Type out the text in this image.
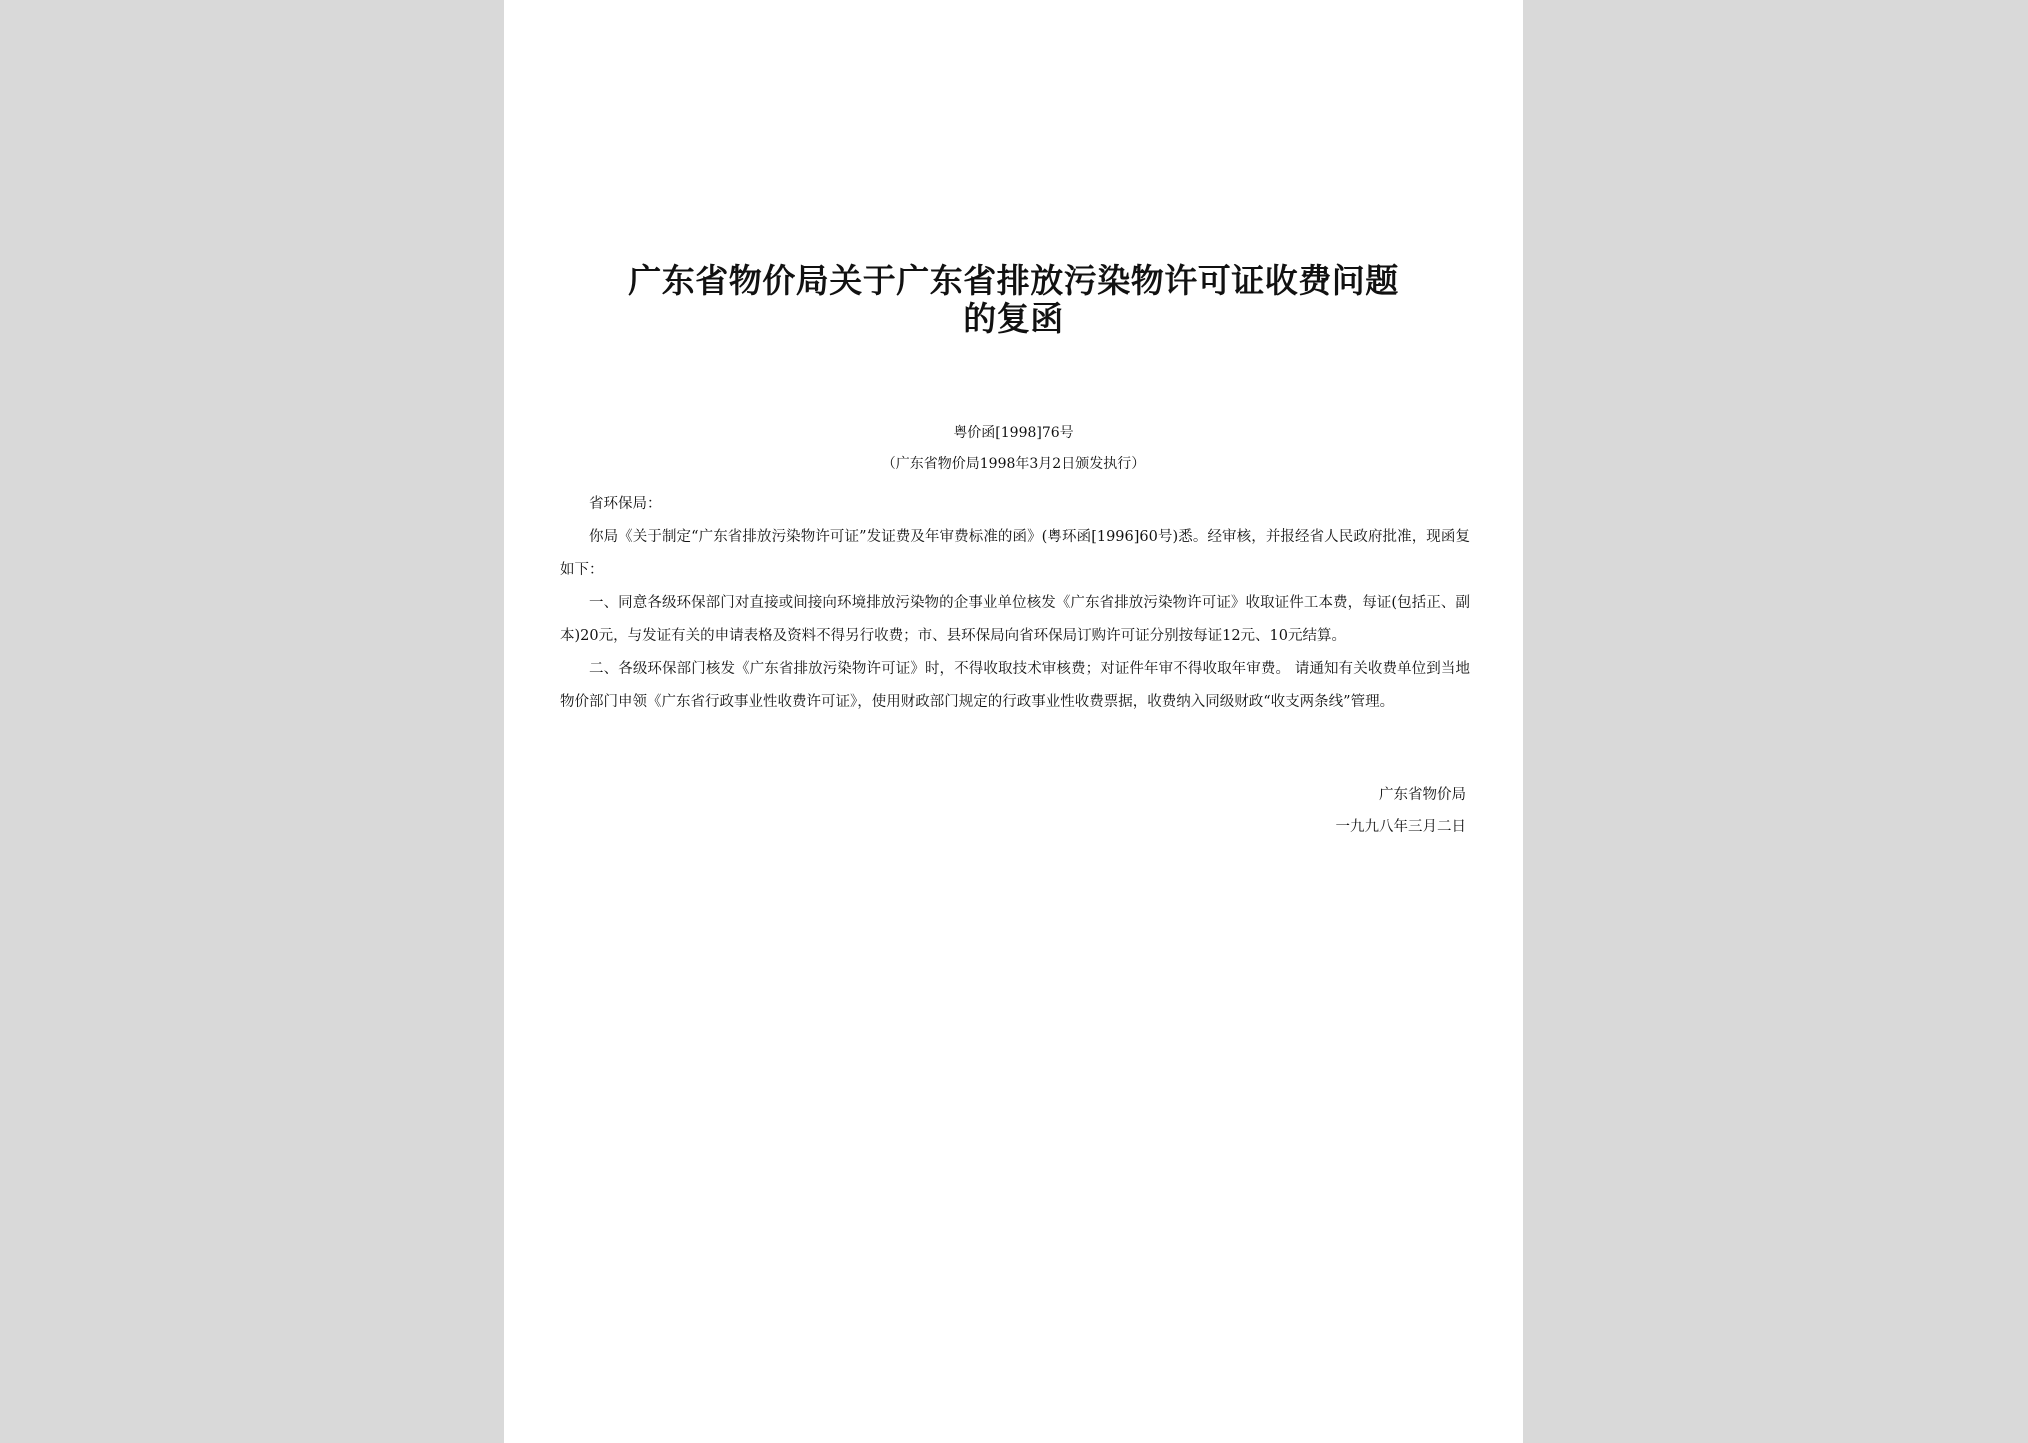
广东省物价局关于广东省排放污染物许可证收费问题
的复函
粤价函[1998]76号
（广东省物价局1998年3月2日颁发执行）

省环保局：

你局《关于制定“广东省排放污染物许可证”发证费及年审费标准的函》(粤环函[1996]60号)悉。经审核，并报经省人民政府批准，现函复如下：

一、同意各级环保部门对直接或间接向环境排放污染物的企事业单位核发《广东省排放污染物许可证》收取证件工本费，每证(包括正、副本)20元，与发证有关的申请表格及资料不得另行收费；市、县环保局向省环保局订购许可证分别按每证12元、10元结算。

二、各级环保部门核发《广东省排放污染物许可证》时，不得收取技术审核费；对证件年审不得收取年审费。 请通知有关收费单位到当地物价部门申领《广东省行政事业性收费许可证》，使用财政部门规定的行政事业性收费票据，收费纳入同级财政“收支两条线”管理。

广东省物价局
一九九八年三月二日
